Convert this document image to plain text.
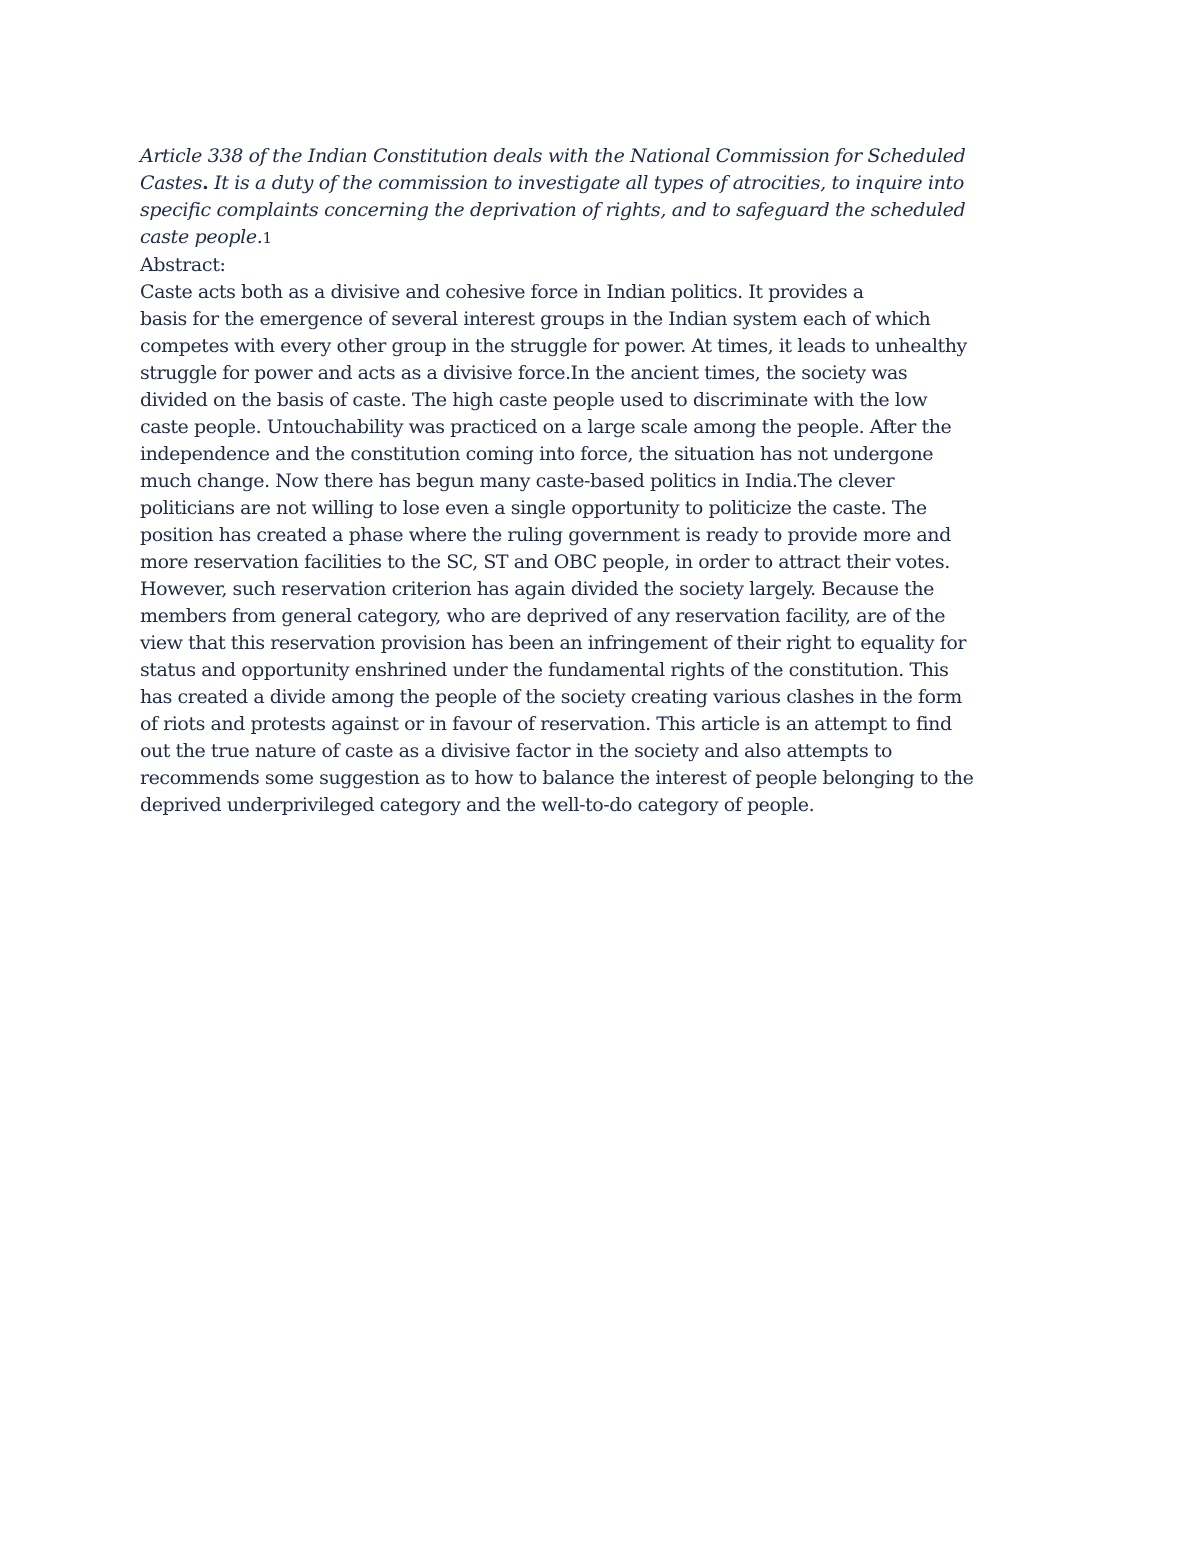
Article 338 of the Indian Constitution deals with the National Commission for Scheduled Castes. It is a duty of the commission to investigate all types of atrocities, to inquire into specific complaints concerning the deprivation of rights, and to safeguard the scheduled caste people.1

Abstract:

Caste acts both as a divisive and cohesive force in Indian politics. It provides a
basis for the emergence of several interest groups in the Indian system each of which
competes with every other group in the struggle for power. At times, it leads to unhealthy
struggle for power and acts as a divisive force.In the ancient times, the society was
divided on the basis of caste. The high caste people used to discriminate with the low
caste people. Untouchability was practiced on a large scale among the people. After the
independence and the constitution coming into force, the situation has not undergone
much change. Now there has begun many caste-based politics in India.The clever
politicians are not willing to lose even a single opportunity to politicize the caste. The
position has created a phase where the ruling government is ready to provide more and
more reservation facilities to the SC, ST and OBC people, in order to attract their votes.
However, such reservation criterion has again divided the society largely. Because the
members from general category, who are deprived of any reservation facility, are of the
view that this reservation provision has been an infringement of their right to equality for
status and opportunity enshrined under the fundamental rights of the constitution. This
has created a divide among the people of the society creating various clashes in the form
of riots and protests against or in favour of reservation. This article is an attempt to find
out the true nature of caste as a divisive factor in the society and also attempts to
recommends some suggestion as to how to balance the interest of people belonging to the
deprived underprivileged category and the well-to-do category of people.
